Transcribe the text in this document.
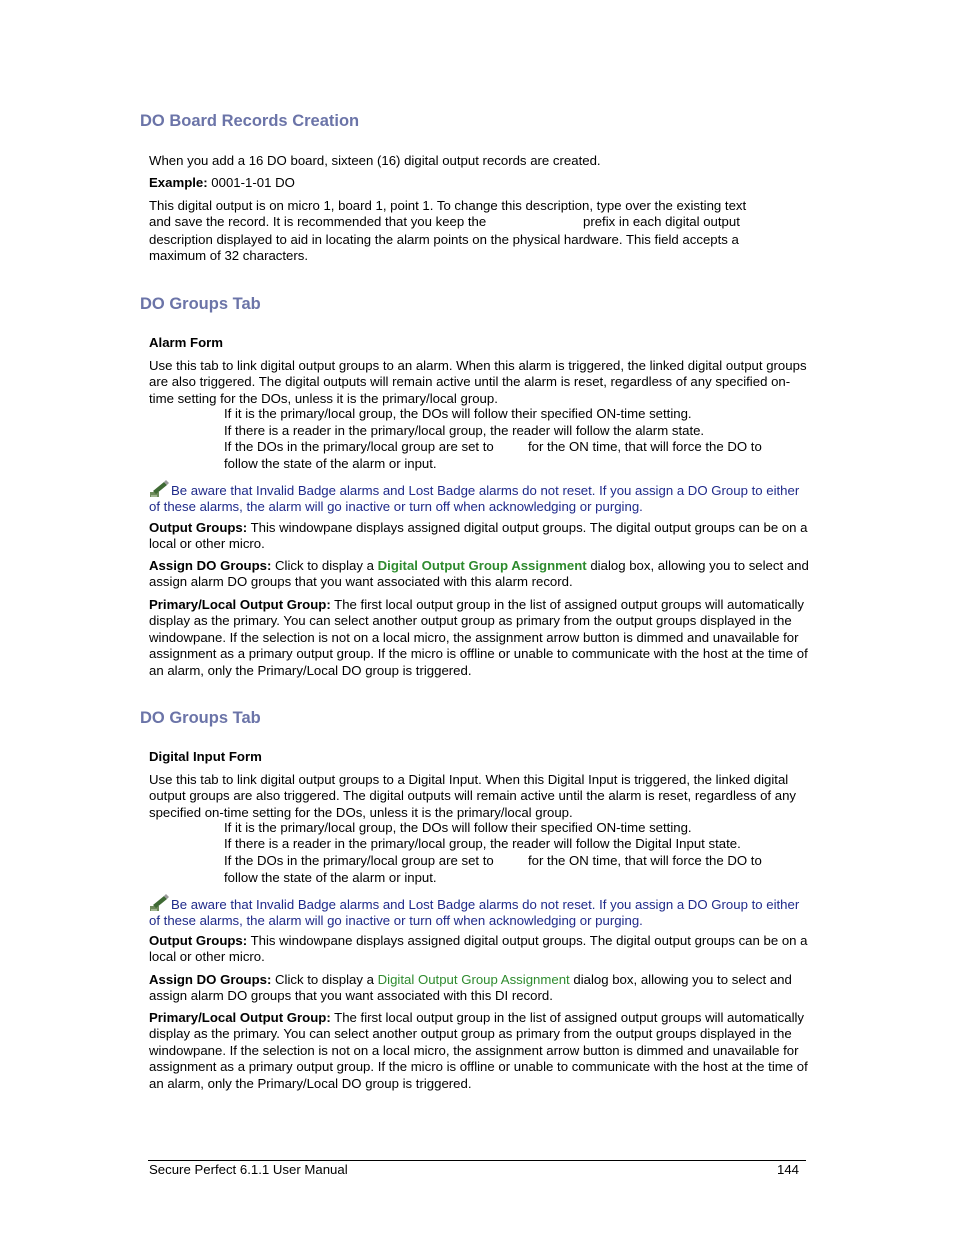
DO Board Records Creation
When you add a 16 DO board, sixteen (16) digital output records are created.
Example: 0001-1-01 DO
This digital output is on micro 1, board 1, point 1. To change this description, type over the existing text
and save the record. It is recommended that you keep the	prefix in each digital output
description displayed to aid in locating the alarm points on the physical hardware. This field accepts a
maximum of 32 characters.
DO Groups Tab
Alarm Form
Use this tab to link digital output groups to an alarm. When this alarm is triggered, the linked digital output groups are also triggered. The digital outputs will remain active until the alarm is reset, regardless of any specified on-time setting for the DOs, unless it is the primary/local group.
If it is the primary/local group, the DOs will follow their specified ON-time setting.
If there is a reader in the primary/local group, the reader will follow the alarm state.
If the DOs in the primary/local group are set to	for the ON time, that will force the DO to
follow the state of the alarm or input.
Be aware that Invalid Badge alarms and Lost Badge alarms do not reset. If you assign a DO Group to either of these alarms, the alarm will go inactive or turn off when acknowledging or purging.
Output Groups: This windowpane displays assigned digital output groups. The digital output groups can be on a local or other micro.
Assign DO Groups: Click to display a Digital Output Group Assignment dialog box, allowing you to select and assign alarm DO groups that you want associated with this alarm record.
Primary/Local Output Group: The first local output group in the list of assigned output groups will automatically display as the primary. You can select another output group as primary from the output groups displayed in the windowpane. If the selection is not on a local micro, the assignment arrow button is dimmed and unavailable for assignment as a primary output group. If the micro is offline or unable to communicate with the host at the time of an alarm, only the Primary/Local DO group is triggered.
DO Groups Tab
Digital Input Form
Use this tab to link digital output groups to a Digital Input. When this Digital Input is triggered, the linked digital output groups are also triggered. The digital outputs will remain active until the alarm is reset, regardless of any specified on-time setting for the DOs, unless it is the primary/local group.
If it is the primary/local group, the DOs will follow their specified ON-time setting.
If there is a reader in the primary/local group, the reader will follow the Digital Input state.
If the DOs in the primary/local group are set to	for the ON time, that will force the DO to
follow the state of the alarm or input.
Be aware that Invalid Badge alarms and Lost Badge alarms do not reset. If you assign a DO Group to either of these alarms, the alarm will go inactive or turn off when acknowledging or purging.
Output Groups: This windowpane displays assigned digital output groups. The digital output groups can be on a local or other micro.
Assign DO Groups: Click to display a Digital Output Group Assignment dialog box, allowing you to select and assign alarm DO groups that you want associated with this DI record.
Primary/Local Output Group: The first local output group in the list of assigned output groups will automatically display as the primary. You can select another output group as primary from the output groups displayed in the windowpane. If the selection is not on a local micro, the assignment arrow button is dimmed and unavailable for assignment as a primary output group. If the micro is offline or unable to communicate with the host at the time of an alarm, only the Primary/Local DO group is triggered.
Secure Perfect 6.1.1 User Manual	144
